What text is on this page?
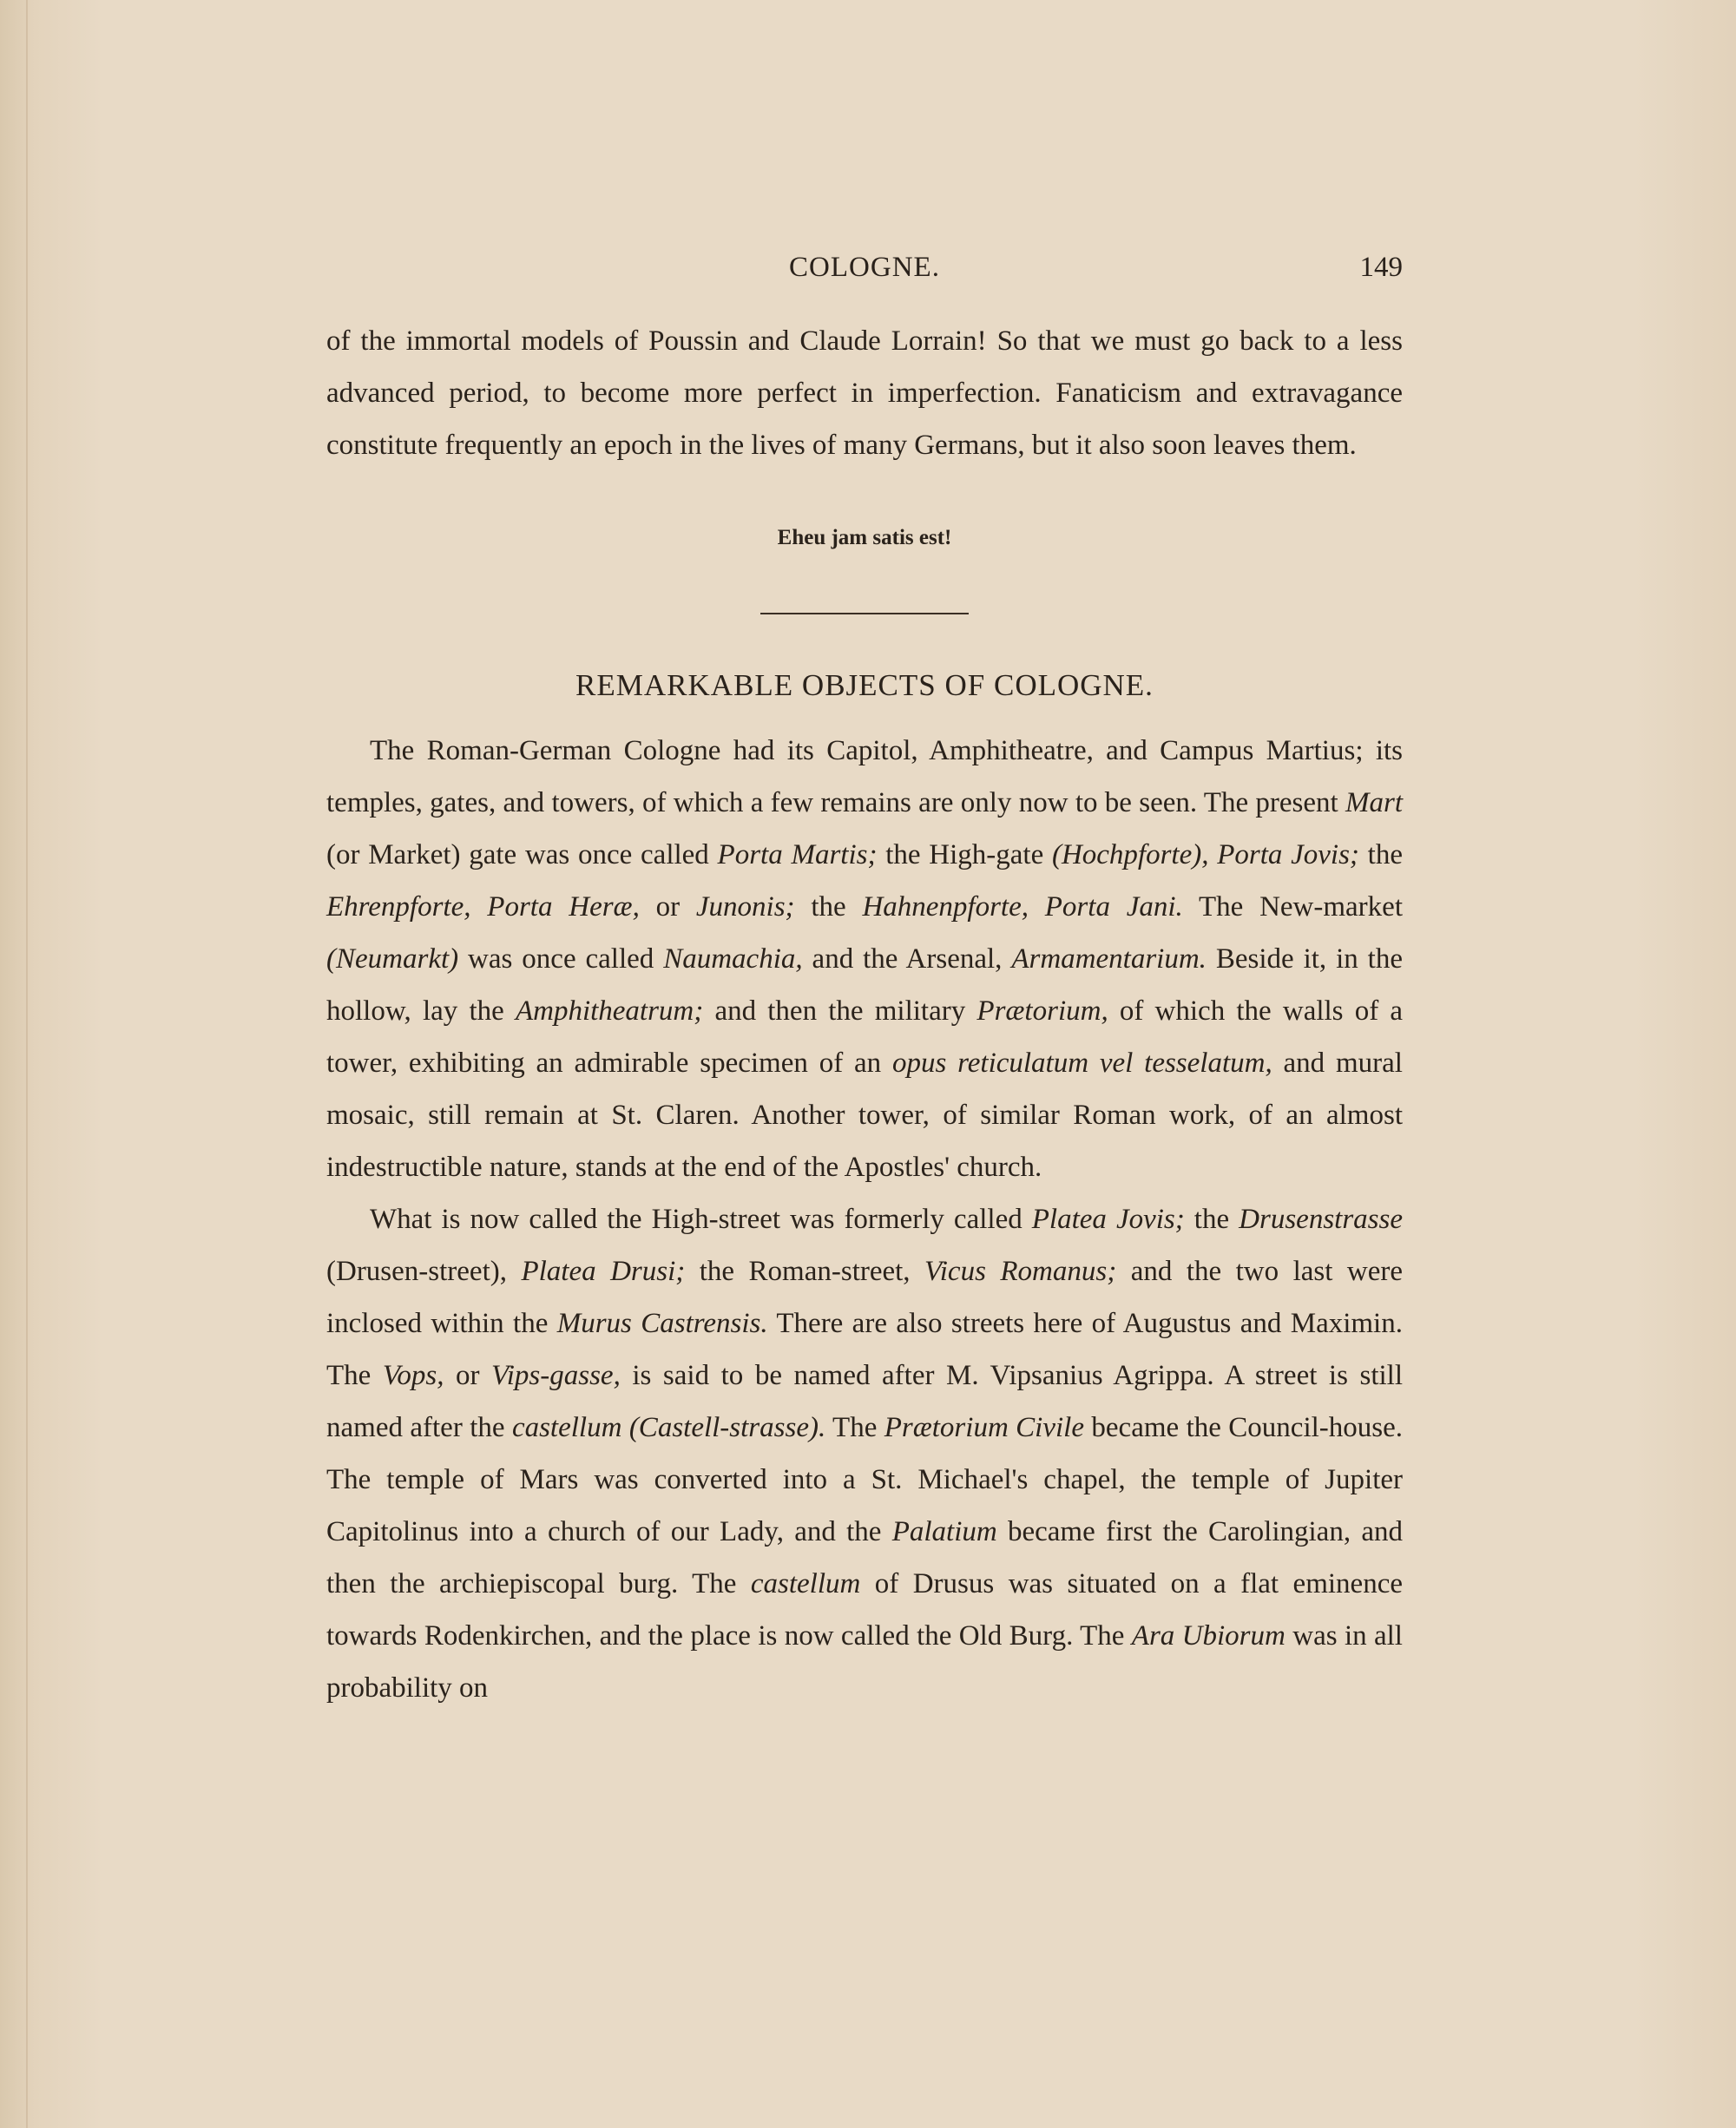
COLOGNE.	149

of the immortal models of Poussin and Claude Lorrain! So that we must go back to a less advanced period, to become more perfect in imperfection. Fanaticism and extravagance constitute frequently an epoch in the lives of many Germans, but it also soon leaves them.

Eheu jam satis est!
REMARKABLE OBJECTS OF COLOGNE.

The Roman-German Cologne had its Capitol, Amphitheatre, and Campus Martius; its temples, gates, and towers, of which a few remains are only now to be seen. The present Mart (or Market) gate was once called Porta Martis; the High-gate (Hochpforte), Porta Jovis; the Ehrenpforte, Porta Heræ, or Junonis; the Hahnenpforte, Porta Jani. The New-market (Neumarkt) was once called Naumachia, and the Arsenal, Armamentarium. Beside it, in the hollow, lay the Amphitheatrum; and then the military Prætorium, of which the walls of a tower, exhibiting an admirable specimen of an opus reticulatum vel tesselatum, and mural mosaic, still remain at St. Claren. Another tower, of similar Roman work, of an almost indestructible nature, stands at the end of the Apostles' church.

What is now called the High-street was formerly called Platea Jovis; the Drusenstrasse (Drusen-street), Platea Drusi; the Roman-street, Vicus Romanus; and the two last were inclosed within the Murus Castrensis. There are also streets here of Augustus and Maximin. The Vops, or Vips-gasse, is said to be named after M. Vipsanius Agrippa. A street is still named after the castellum (Castell-strasse). The Prætorium Civile became the Council-house. The temple of Mars was converted into a St. Michael's chapel, the temple of Jupiter Capitolinus into a church of our Lady, and the Palatium became first the Carolingian, and then the archiepiscopal burg. The castellum of Drusus was situated on a flat eminence towards Rodenkirchen, and the place is now called the Old Burg. The Ara Ubiorum was in all probability on
